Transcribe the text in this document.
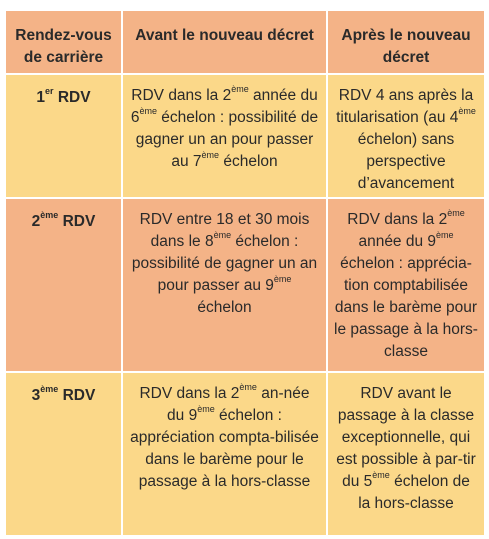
Rendez-vous de carrière	Avant le nouveau décret	Après le nouveau décret
1er RDV	RDV dans la 2ème année du 6ème échelon : possibilité de gagner un an pour passer au 7ème échelon	RDV 4 ans après la titularisation (au 4ème échelon) sans perspective d’avancement
2ème RDV	RDV entre 18 et 30 mois dans le 8ème échelon : possibilité de gagner un an pour passer au 9ème échelon	RDV dans la 2ème année du 9ème échelon : apprécia-tion comptabilisée dans le barème pour le passage à la hors-classe
3ème RDV	RDV dans la 2ème an-née du 9ème échelon : appréciation compta-bilisée dans le barème pour le passage à la hors-classe	RDV avant le passage à la classe exceptionnelle, qui est possible à par-tir du 5ème échelon de la hors-classe
